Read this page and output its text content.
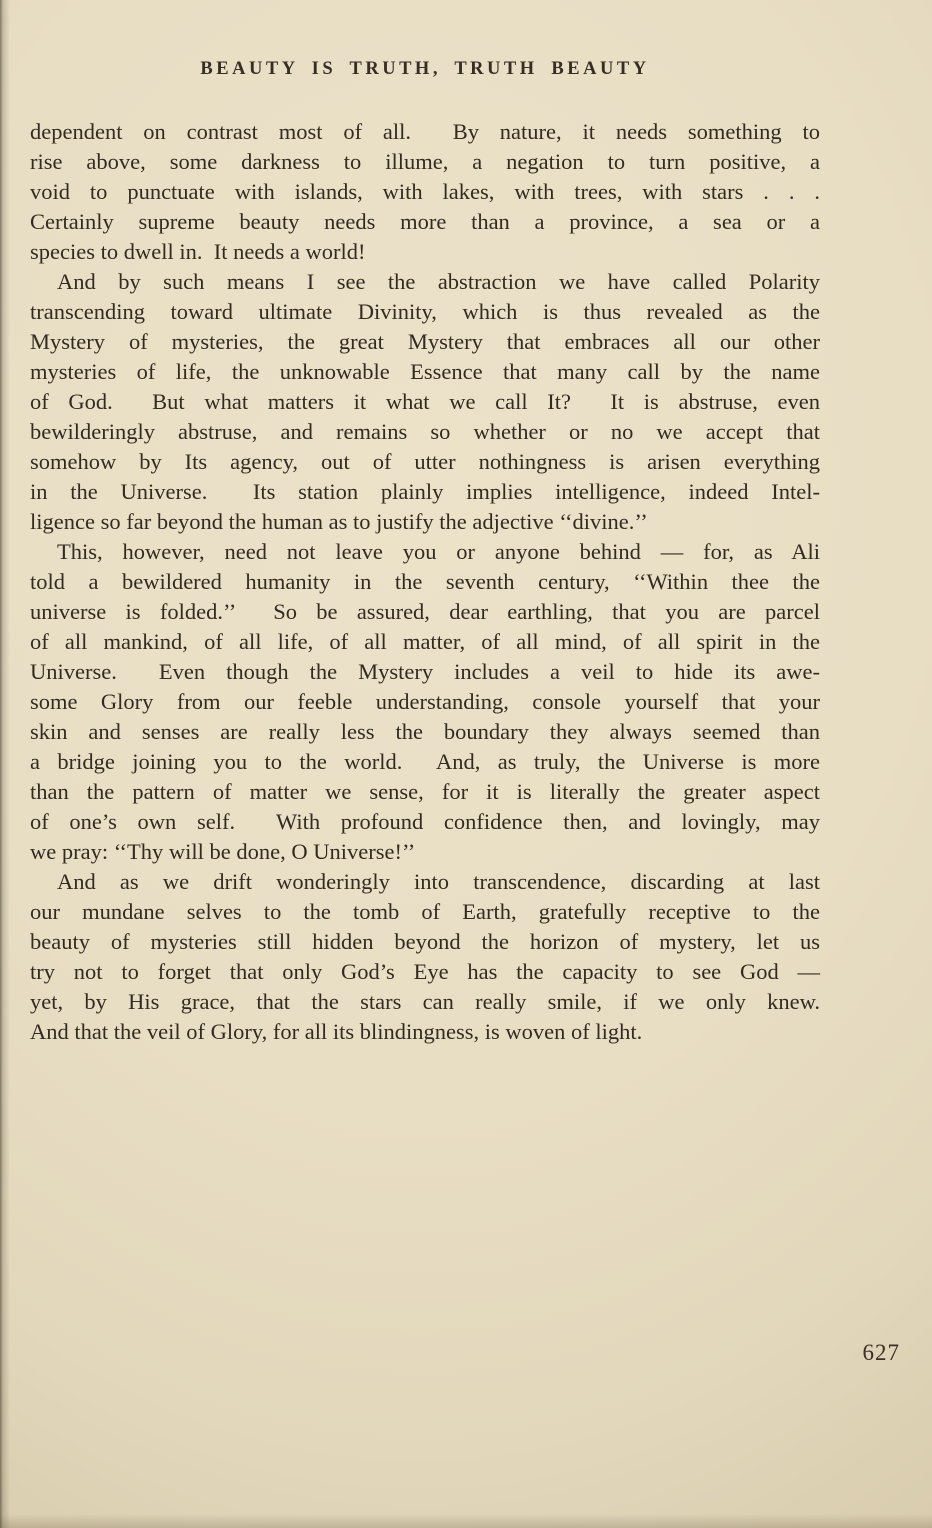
BEAUTY IS TRUTH, TRUTH BEAUTY
dependent on contrast most of all.  By nature, it needs something to
rise above, some darkness to illume, a negation to turn positive, a
void to punctuate with islands, with lakes, with trees, with stars . . .
Certainly supreme beauty needs more than a province, a sea or a
species to dwell in.  It needs a world!
And by such means I see the abstraction we have called Polarity
transcending toward ultimate Divinity, which is thus revealed as the
Mystery of mysteries, the great Mystery that embraces all our other
mysteries of life, the unknowable Essence that many call by the name
of God.  But what matters it what we call It?  It is abstruse, even
bewilderingly abstruse, and remains so whether or no we accept that
somehow by Its agency, out of utter nothingness is arisen everything
in the Universe.  Its station plainly implies intelligence, indeed Intel-
ligence so far beyond the human as to justify the adjective ‘‘divine.’’
This, however, need not leave you or anyone behind — for, as Ali
told a bewildered humanity in the seventh century, ‘‘Within thee the
universe is folded.’’  So be assured, dear earthling, that you are parcel
of all mankind, of all life, of all matter, of all mind, of all spirit in the
Universe.  Even though the Mystery includes a veil to hide its awe-
some Glory from our feeble understanding, console yourself that your
skin and senses are really less the boundary they always seemed than
a bridge joining you to the world.  And, as truly, the Universe is more
than the pattern of matter we sense, for it is literally the greater aspect
of one’s own self.  With profound confidence then, and lovingly, may
we pray: ‘‘Thy will be done, O Universe!’’
And as we drift wonderingly into transcendence, discarding at last
our mundane selves to the tomb of Earth, gratefully receptive to the
beauty of mysteries still hidden beyond the horizon of mystery, let us
try not to forget that only God’s Eye has the capacity to see God —
yet, by His grace, that the stars can really smile, if we only knew.
And that the veil of Glory, for all its blindingness, is woven of light.
627
